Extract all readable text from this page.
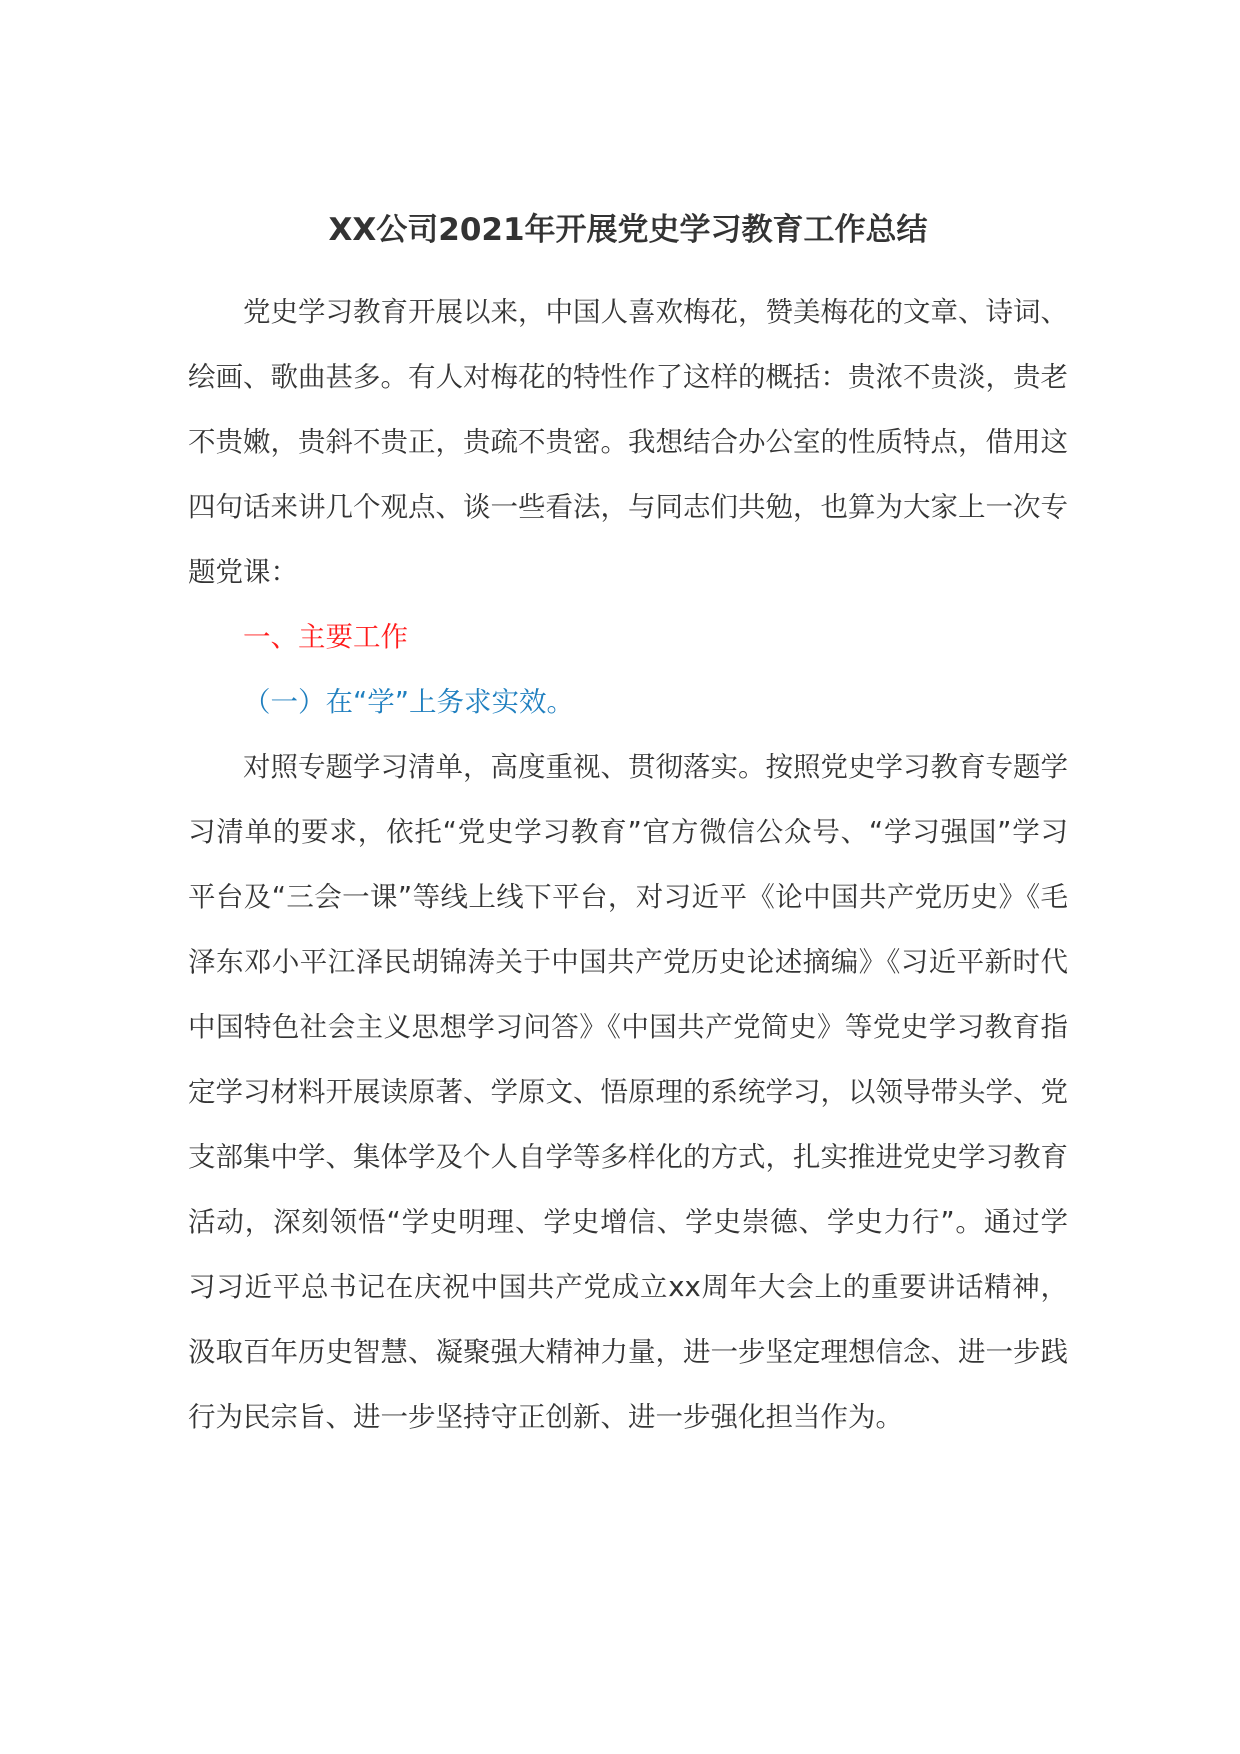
XX公司2021年开展党史学习教育工作总结

党史学习教育开展以来，中国人喜欢梅花，赞美梅花的文章、诗词、绘画、歌曲甚多。有人对梅花的特性作了这样的概括：贵浓不贵淡，贵老不贵嫩，贵斜不贵正，贵疏不贵密。我想结合办公室的性质特点，借用这四句话来讲几个观点、谈一些看法，与同志们共勉，也算为大家上一次专题党课：

一、主要工作

（一）在“学”上务求实效。

对照专题学习清单，高度重视、贯彻落实。按照党史学习教育专题学习清单的要求，依托“党史学习教育”官方微信公众号、“学习强国”学习平台及“三会一课”等线上线下平台，对习近平《论中国共产党历史》《毛泽东邓小平江泽民胡锦涛关于中国共产党历史论述摘编》《习近平新时代中国特色社会主义思想学习问答》《中国共产党简史》等党史学习教育指定学习材料开展读原著、学原文、悟原理的系统学习，以领导带头学、党支部集中学、集体学及个人自学等多样化的方式，扎实推进党史学习教育活动，深刻领悟“学史明理、学史增信、学史崇德、学史力行”。通过学习习近平总书记在庆祝中国共产党成立xx周年大会上的重要讲话精神，汲取百年历史智慧、凝聚强大精神力量，进一步坚定理想信念、进一步践行为民宗旨、进一步坚持守正创新、进一步强化担当作为。
